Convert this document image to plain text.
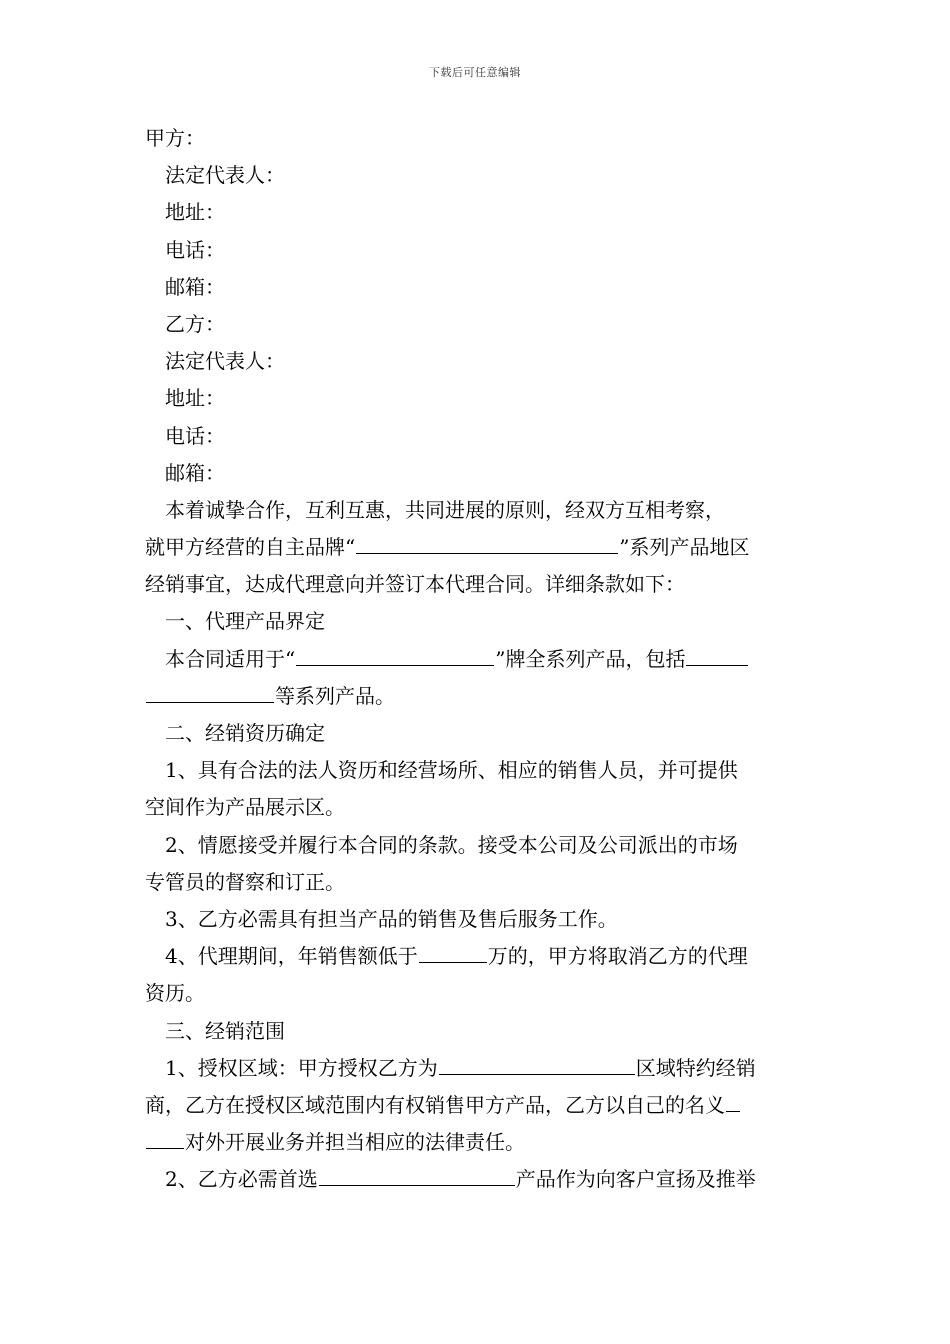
下载后可任意编辑
甲方：
法定代表人：
地址：
电话：
邮箱：
乙方：
法定代表人：
地址：
电话：
邮箱：
本着诚挚合作，互利互惠，共同进展的原则，经双方互相考察，
就甲方经营的自主品牌“	”系列产品地区
经销事宜，达成代理意向并签订本代理合同。详细条款如下：
一、代理产品界定
本合同适用于“	”牌全系列产品，包括
等系列产品。
二、经销资历确定
1、具有合法的法人资历和经营场所、相应的销售人员，并可提供
空间作为产品展示区。
2、情愿接受并履行本合同的条款。接受本公司及公司派出的市场
专管员的督察和订正。
3、乙方必需具有担当产品的销售及售后服务工作。
4、代理期间，年销售额低于	万的，甲方将取消乙方的代理
资历。
三、经销范围
1、授权区域：甲方授权乙方为	区域特约经销
商，乙方在授权区域范围内有权销售甲方产品，乙方以自己的名义
对外开展业务并担当相应的法律责任。
2、乙方必需首选	产品作为向客户宣扬及推举
